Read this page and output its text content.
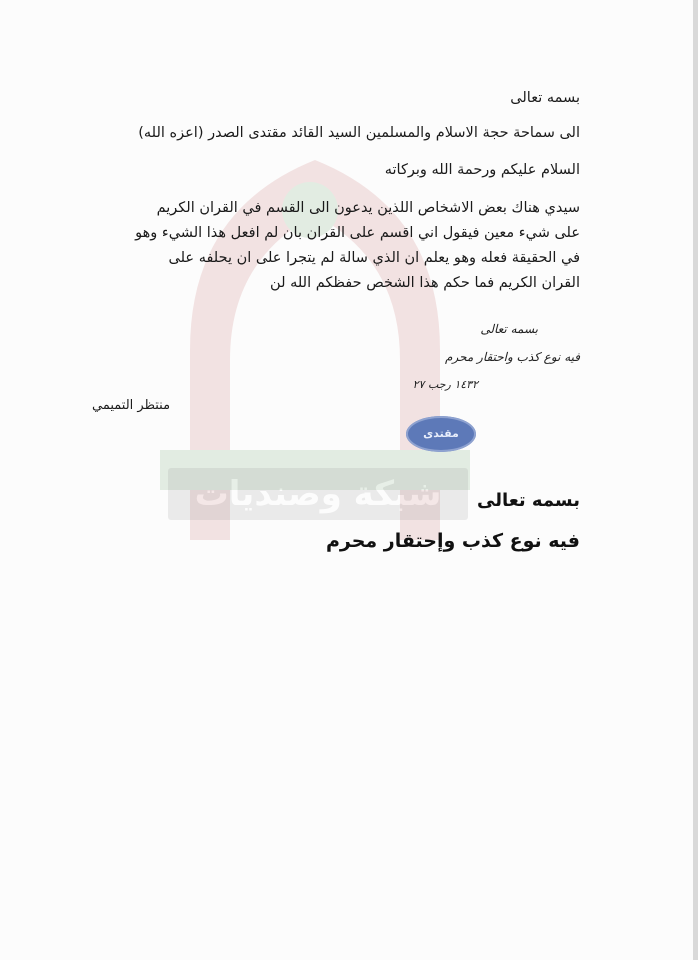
شبكة وصنديات
بسمه تعالى
الى سماحة حجة الاسلام والمسلمين السيد القائد مقتدى الصدر (اعزه الله)
السلام عليكم ورحمة الله وبركاته
سيدي هناك بعض الاشخاص اللذين يدعون الى القسم في القران الكريم
على شيء معين فيقول اني اقسم على القران بان لم افعل هذا الشيء وهو
في الحقيقة فعله وهو يعلم ان الذي سالة لم يتجرا على ان يحلفه على
القران الكريم فما حكم هذا الشخص حفظكم الله لن
بسمه تعالى
فيه نوع كذب واحتقار محرم
١٤٣٢ رجب ٢٧
منتظر التميمي
مقتدى
بسمه تعالى
فيه نوع كذب وإحتقار محرم
